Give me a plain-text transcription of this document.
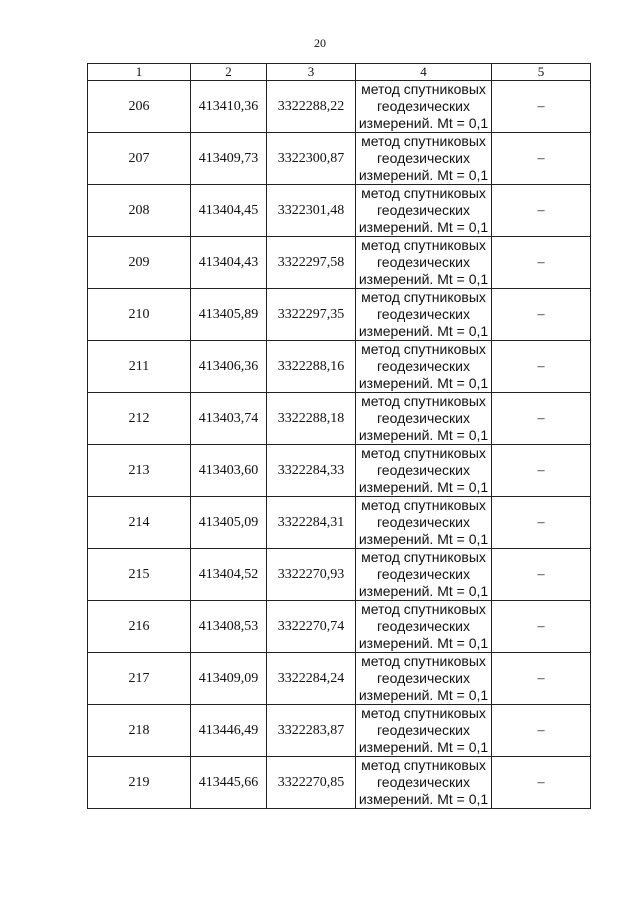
20
1	2	3	4	5
206	413410,36	3322288,22	метод спутниковых геодезических измерений. Mt = 0,1	–
207	413409,73	3322300,87	метод спутниковых геодезических измерений. Mt = 0,1	–
208	413404,45	3322301,48	метод спутниковых геодезических измерений. Mt = 0,1	–
209	413404,43	3322297,58	метод спутниковых геодезических измерений. Mt = 0,1	–
210	413405,89	3322297,35	метод спутниковых геодезических измерений. Mt = 0,1	–
211	413406,36	3322288,16	метод спутниковых геодезических измерений. Mt = 0,1	–
212	413403,74	3322288,18	метод спутниковых геодезических измерений. Mt = 0,1	–
213	413403,60	3322284,33	метод спутниковых геодезических измерений. Mt = 0,1	–
214	413405,09	3322284,31	метод спутниковых геодезических измерений. Mt = 0,1	–
215	413404,52	3322270,93	метод спутниковых геодезических измерений. Mt = 0,1	–
216	413408,53	3322270,74	метод спутниковых геодезических измерений. Mt = 0,1	–
217	413409,09	3322284,24	метод спутниковых геодезических измерений. Mt = 0,1	–
218	413446,49	3322283,87	метод спутниковых геодезических измерений. Mt = 0,1	–
219	413445,66	3322270,85	метод спутниковых геодезических измерений. Mt = 0,1	–
